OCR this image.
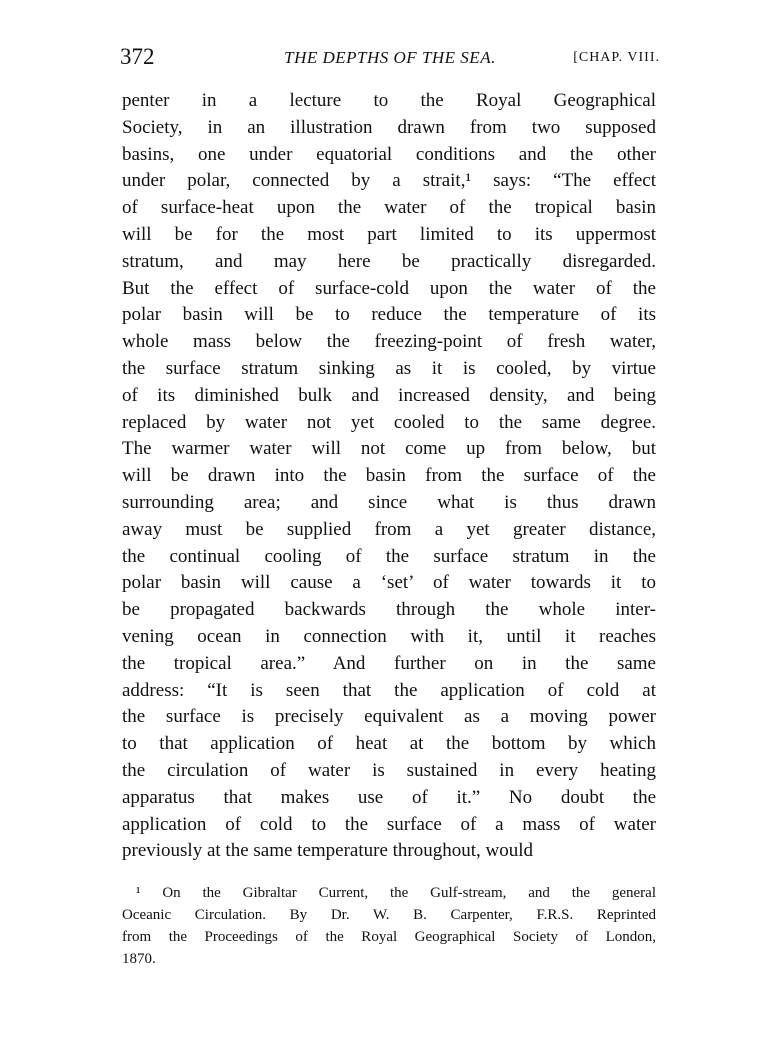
372	THE DEPTHS OF THE SEA.	[CHAP. VIII.
penter in a lecture to the Royal Geographical
Society, in an illustration drawn from two supposed
basins, one under equatorial conditions and the other
under polar, connected by a strait,¹ says: “The effect
of surface-heat upon the water of the tropical basin
will be for the most part limited to its uppermost
stratum, and may here be practically disregarded.
But the effect of surface-cold upon the water of the
polar basin will be to reduce the temperature of its
whole mass below the freezing-point of fresh water,
the surface stratum sinking as it is cooled, by virtue
of its diminished bulk and increased density, and being
replaced by water not yet cooled to the same degree.
The warmer water will not come up from below, but
will be drawn into the basin from the surface of the
surrounding area; and since what is thus drawn
away must be supplied from a yet greater distance,
the continual cooling of the surface stratum in the
polar basin will cause a ‘set’ of water towards it to
be propagated backwards through the whole inter-
vening ocean in connection with it, until it reaches
the tropical area.” And further on in the same
address: “It is seen that the application of cold at
the surface is precisely equivalent as a moving power
to that application of heat at the bottom by which
the circulation of water is sustained in every heating
apparatus that makes use of it.” No doubt the
application of cold to the surface of a mass of water
previously at the same temperature throughout, would
¹ On the Gibraltar Current, the Gulf-stream, and the general
Oceanic Circulation. By Dr. W. B. Carpenter, F.R.S. Reprinted
from the Proceedings of the Royal Geographical Society of London,
1870.
